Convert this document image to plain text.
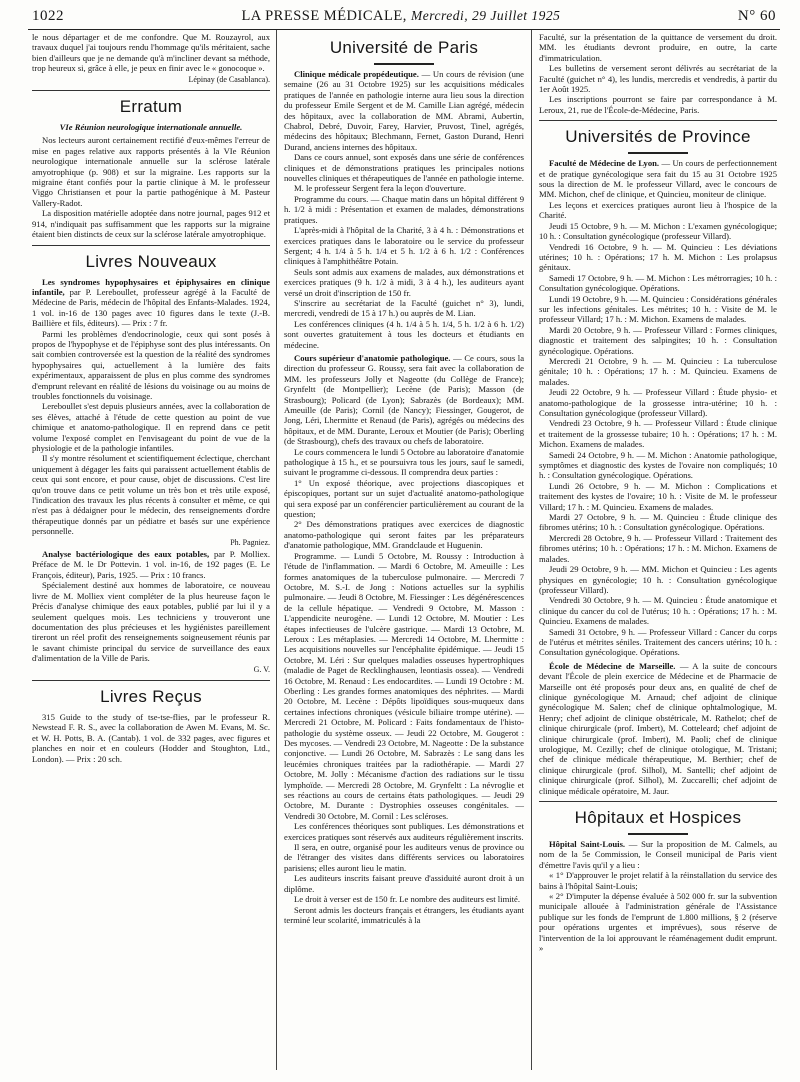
1022	LA PRESSE MÉDICALE, Mercredi, 29 Juillet 1925	N° 60

le nous départager et de me confondre. Que M. Rouzayrol, aux travaux duquel j'ai toujours rendu l'hommage qu'ils méritaient, sache bien d'ailleurs que je ne demande qu'à m'incliner devant sa méthode, trop heureux si, grâce à elle, je peux en finir avec le « gonocoque ».

Lépinay (de Casablanca).
Erratum
VIe Réunion neurologique internationale annuelle.

Nos lecteurs auront certainement rectifié d'eux-mêmes l'erreur de mise en pages relative aux rapports présentés à la VIe Réunion neurologique internationale annuelle sur la sclérose latérale amyotrophique (p. 908) et sur la migraine. Les rapports sur la migraine étant confiés pour la partie clinique à M. le professeur Viggo Christiansen et pour la partie pathogénique à M. Pasteur Vallery-Radot.

La disposition matérielle adoptée dans notre journal, pages 912 et 914, n'indiquait pas suffisamment que les rapports sur la migraine étaient bien distincts de ceux sur la sclérose latérale amyotrophique.

Livres Nouveaux

Les syndromes hypophysaires et épiphysaires en clinique infantile, par P. Lereboullet, professeur agrégé à la Faculté de Médecine de Paris, médecin de l'hôpital des Enfants-Malades. 1924, 1 vol. in-16 de 130 pages avec 10 figures dans le texte (J.-B. Baillière et fils, éditeurs). — Prix : 7 fr.

Parmi les problèmes d'endocrinologie, ceux qui sont posés à propos de l'hypophyse et de l'épiphyse sont des plus intéressants. On sait combien controversée est la question de la réalité des syndromes hypophysaires qui, actuellement à la lumière des faits expérimentaux, apparaissent de plus en plus comme des syndromes d'emprunt relevant en réalité de lésions du voisinage ou au moins de troubles fonctionnels du voisinage.

Lereboullet s'est depuis plusieurs années, avec la collaboration de ses élèves, attaché à l'étude de cette question au point de vue chimique et anatomo-pathologique. Il en reprend dans ce petit volume l'exposé complet en l'envisageant du point de vue de la physiologie et de la pathologie infantiles.

Il s'y montre résolument et scientifiquement éclectique, cherchant uniquement à dégager les faits qui paraissent actuellement établis de ceux qui sont encore, et pour cause, objet de discussions. C'est lire qu'on trouve dans ce petit volume un très bon et très utile exposé, l'indication des travaux les plus récents à consulter et même, ce qui n'est pas à dédaigner pour le médecin, des renseignements d'ordre thérapeutique donnés par un pédiatre et basés sur une expérience personnelle.

Ph. Pagniez.

Analyse bactériologique des eaux potables, par P. Molliex. Préface de M. le Dr Pottevin. 1 vol. in-16, de 192 pages (E. Le François, éditeur), Paris, 1925. — Prix : 10 francs.

Spécialement destiné aux hommes de laboratoire, ce nouveau livre de M. Molliex vient compléter de la plus heureuse façon le Précis d'analyse chimique des eaux potables, publié par lui il y a seulement quelques mois. Les techniciens y trouveront une documentation des plus précieuses et les hygiénistes pareillement tireront un réel profit des renseignements soigneusement réunis par le savant chimiste principal du service de surveillance des eaux d'alimentation de la Ville de Paris.

G. V.
Livres Reçus

315 Guide to the study of tse-tse-flies, par le professeur R. Newstead F. R. S., avec la collaboration de Awen M. Evans, M. Sc. et W. H. Potts, B. A. (Cantab). 1 vol. de 332 pages, avec figures et planches en noir et en couleurs (Hodder and Stoughton, Ltd., London). — Prix : 20 sch.

Université de Paris

Clinique médicale propédeutique. — Un cours de révision (une semaine (26 au 31 Octobre 1925) sur les acquisitions médicales pratiques de l'année en pathologie interne aura lieu sous la direction du professeur Emile Sergent et de M. Camille Lian agrégé, médecin des hôpitaux, avec la collaboration de MM. Abrami, Aubertin, Chabrol, Debré, Duvoir, Farey, Harvier, Pruvost, Tinel, agrégés, médecins des hôpitaux; Blechmann, Fernet, Gaston Durand, Henri Durand, anciens internes des hôpitaux.

Dans ce cours annuel, sont exposés dans une série de conférences cliniques et de démonstrations pratiques les principales notions nouvelles cliniques et thérapeutiques de l'année en pathologie interne.

M. le professeur Sergent fera la leçon d'ouverture.

Programme du cours. — Chaque matin dans un hôpital différent 9 h. 1/2 à midi : Présentation et examen de malades, démonstrations pratiques.

L'après-midi à l'hôpital de la Charité, 3 à 4 h. : Démonstrations et exercices pratiques dans le laboratoire ou le service du professeur Sergent; 4 h. 1/4 à 5 h. 1/4 et 5 h. 1/2 à 6 h. 1/2 : Conférences cliniques à l'amphithéâtre Potain.

Seuls sont admis aux examens de malades, aux démonstrations et exercices pratiques (9 h. 1/2 à midi, 3 à 4 h.), les auditeurs ayant versé un droit d'inscription de 150 fr.

S'inscrire au secrétariat de la Faculté (guichet n° 3), lundi, mercredi, vendredi de 15 à 17 h.) ou auprès de M. Lian.

Les conférences cliniques (4 h. 1/4 à 5 h. 1/4, 5 h. 1/2 à 6 h. 1/2) sont ouvertes gratuitement à tous les docteurs et étudiants en médecine.

Cours supérieur d'anatomie pathologique. — Ce cours, sous la direction du professeur G. Roussy, sera fait avec la collaboration de MM. les professeurs Jolly et Nageotte (du Collège de France); Grynfeltt (de Montpellier); Lecène (de Paris); Masson (de Strasbourg); Policard (de Lyon); Sabrazès (de Bordeaux); MM. Ameuille (de Paris); Cornil (de Nancy); Fiessinger, Gougerot, de Jong, Léri, Lhermitte et Renaud (de Paris), agrégés ou médecins des hôpitaux, et de MM. Durante, Leroux et Moutier (de Paris); Oberling (de Strasbourg), chefs des travaux ou chefs de laboratoire.

Le cours commencera le lundi 5 Octobre au laboratoire d'anatomie pathologique à 15 h., et se poursuivra tous les jours, sauf le samedi, suivant le programme ci-dessous. Il comprendra deux parties :

1° Un exposé théorique, avec projections diascopiques et épiscopiques, portant sur un sujet d'actualité anatomo-pathologique qui sera exposé par un conférencier particulièrement au courant de la question;

2° Des démonstrations pratiques avec exercices de diagnostic anatomo-pathologique qui seront faites par les préparateurs d'anatomie pathologique, MM. Grandclaude et Huguenin.

Programme. — Lundi 5 Octobre, M. Roussy : Introduction à l'étude de l'inflammation. — Mardi 6 Octobre, M. Ameuille : Les formes anatomiques de la tuberculose pulmonaire. — Mercredi 7 Octobre, M. S.-I. de Jong : Notions actuelles sur la syphilis pulmonaire. — Jeudi 8 Octobre, M. Fiessinger : Les dégénérescences de la cellule hépatique. — Vendredi 9 Octobre, M. Masson : L'appendicite neurogène. — Lundi 12 Octobre, M. Moutier : Les étapes infectieuses de l'ulcère gastrique. — Mardi 13 Octobre, M. Leroux : Les métaplasies. — Mercredi 14 Octobre, M. Lhermitte : Les acquisitions nouvelles sur l'encéphalite épidémique. — Jeudi 15 Octobre, M. Léri : Sur quelques maladies osseuses hypertrophiques (maladie de Paget de Recklinghausen, leontiasis ossea). — Vendredi 16 Octobre, M. Renaud : Les endocardites. — Lundi 19 Octobre : M. Oberling : Les grandes formes anatomiques des néphrites. — Mardi 20 Octobre, M. Lecène : Dépôts lipoïdiques sous-muqueux dans certaines infections chroniques (vésicule biliaire trompe utérine). — Mercredi 21 Octobre, M. Policard : Faits fondamentaux de l'histo-pathologie du système osseux. — Jeudi 22 Octobre, M. Gougerot : Des mycoses. — Vendredi 23 Octobre, M. Nageotte : De la substance conjonctive. — Lundi 26 Octobre, M. Sabrazès : Le sang dans les leucémies chroniques traitées par la radiothérapie. — Mardi 27 Octobre, M. Jolly : Mécanisme d'action des radiations sur le tissu lymphoïde. — Mercredi 28 Octobre, M. Grynfeltt : La névroglie et ses réactions au cours de certains états pathologiques. — Jeudi 29 Octobre, M. Durante : Dystrophies osseuses congénitales. — Vendredi 30 Octobre, M. Cornil : Les scléroses.

Les conférences théoriques sont publiques. Les démonstrations et exercices pratiques sont réservés aux auditeurs régulièrement inscrits.

Il sera, en outre, organisé pour les auditeurs venus de province ou de l'étranger des visites dans différents services ou laboratoires parisiens; elles auront lieu le matin.

Les auditeurs inscrits faisant preuve d'assiduité auront droit à un diplôme.

Le droit à verser est de 150 fr. Le nombre des auditeurs est limité.

Seront admis les docteurs français et étrangers, les étudiants ayant terminé leur scolarité, immatriculés à la

Faculté, sur la présentation de la quittance de versement du droit. MM. les étudiants devront produire, en outre, la carte d'immatriculation.

Les bulletins de versement seront délivrés au secrétariat de la Faculté (guichet n° 4), les lundis, mercredis et vendredis, à partir du 1er Août 1925.

Les inscriptions pourront se faire par correspondance à M. Leroux, 21, rue de l'École-de-Médecine, Paris.

Universités de Province

Faculté de Médecine de Lyon. — Un cours de perfectionnement et de pratique gynécologique sera fait du 15 au 31 Octobre 1925 sous la direction de M. le professeur Villard, avec le concours de MM. Michon, chef de clinique, et Quincieu, moniteur de clinique.

Les leçons et exercices pratiques auront lieu à l'hospice de la Charité.

Jeudi 15 Octobre, 9 h. — M. Michon : L'examen gynécologique; 10 h. : Consultation gynécologique (professeur Villard).

Vendredi 16 Octobre, 9 h. — M. Quincieu : Les déviations utérines; 10 h. : Opérations; 17 h. M. Michon : Les prolapsus génitaux.

Samedi 17 Octobre, 9 h. — M. Michon : Les métrorragies; 10 h. : Consultation gynécologique. Opérations.

Lundi 19 Octobre, 9 h. — M. Quincieu : Considérations générales sur les infections génitales. Les métrites; 10 h. : Visite de M. le professeur Villard; 17 h. : M. Michon. Examens de malades.

Mardi 20 Octobre, 9 h. — Professeur Villard : Formes cliniques, diagnostic et traitement des salpingites; 10 h. : Consultation gynécologique. Opérations.

Mercredi 21 Octobre, 9 h. — M. Quincieu : La tuberculose génitale; 10 h. : Opérations; 17 h. : M. Quincieu. Examens de malades.

Jeudi 22 Octobre, 9 h. — Professeur Villard : Étude physio- et anatomo-pathologique de la grossesse intra-utérine; 10 h. : Consultation gynécologique (professeur Villard).

Vendredi 23 Octobre, 9 h. — Professeur Villard : Étude clinique et traitement de la grossesse tubaire; 10 h. : Opérations; 17 h. : M. Michon. Examens de malades.

Samedi 24 Octobre, 9 h. — M. Michon : Anatomie pathologique, symptômes et diagnostic des kystes de l'ovaire non compliqués; 10 h. : Consultation gynécologique. Opérations.

Lundi 26 Octobre, 9 h. — M. Michon : Complications et traitement des kystes de l'ovaire; 10 h. : Visite de M. le professeur Villard; 17 h. : M. Quincieu. Examens de malades.

Mardi 27 Octobre, 9 h. — M. Quincieu : Étude clinique des fibromes utérins; 10 h. : Consultation gynécologique. Opérations.

Mercredi 28 Octobre, 9 h. — Professeur Villard : Traitement des fibromes utérins; 10 h. : Opérations; 17 h. : M. Michon. Examens de malades.

Jeudi 29 Octobre, 9 h. — MM. Michon et Quincieu : Les agents physiques en gynécologie; 10 h. : Consultation gynécologique (professeur Villard).

Vendredi 30 Octobre, 9 h. — M. Quincieu : Étude anatomique et clinique du cancer du col de l'utérus; 10 h. : Opérations; 17 h. : M. Quincieu. Examens de malades.

Samedi 31 Octobre, 9 h. — Professeur Villard : Cancer du corps de l'utérus et métrites séniles. Traitement des cancers utérins; 10 h. : Consultation gynécologique. Opérations.

École de Médecine de Marseille. — A la suite de concours devant l'École de plein exercice de Médecine et de Pharmacie de Marseille ont été proposés pour deux ans, en qualité de chef de clinique gynécologique M. Arnaud; chef adjoint de clinique gynécologique M. Salen; chef de clinique ophtalmologique, M. Henry; chef adjoint de clinique obstétricale, M. Rathelot; chef de clinique chirurgicale (prof. Imbert), M. Cotteleard; chef adjoint de clinique chirurgicale (prof. Imbert), M. Paoli; chef de clinique urologique, M. Cezilly; chef de clinique otologique, M. Tristani; chef de clinique médicale thérapeutique, M. Berthier; chef de clinique chirurgicale (prof. Silhol), M. Santelli; chef adjoint de clinique chirurgicale (prof. Silhol), M. Zuccarelli; chef adjoint de clinique médicale opératoire, M. Jaur.

Hôpitaux et Hospices

Hôpital Saint-Louis. — Sur la proposition de M. Calmels, au nom de la 5e Commission, le Conseil municipal de Paris vient d'émettre l'avis qu'il y a lieu :

« 1° D'approuver le projet relatif à la réinstallation du service des bains à l'hôpital Saint-Louis;

« 2° D'imputer la dépense évaluée à 502 000 fr. sur la subvention municipale allouée à l'administration générale de l'Assistance publique sur les fonds de l'emprunt de 1.800 millions, § 2 (réserve pour opérations urgentes et imprévues), sous réserve de l'intervention de la loi approuvant le réaménagement dudit emprunt. »
